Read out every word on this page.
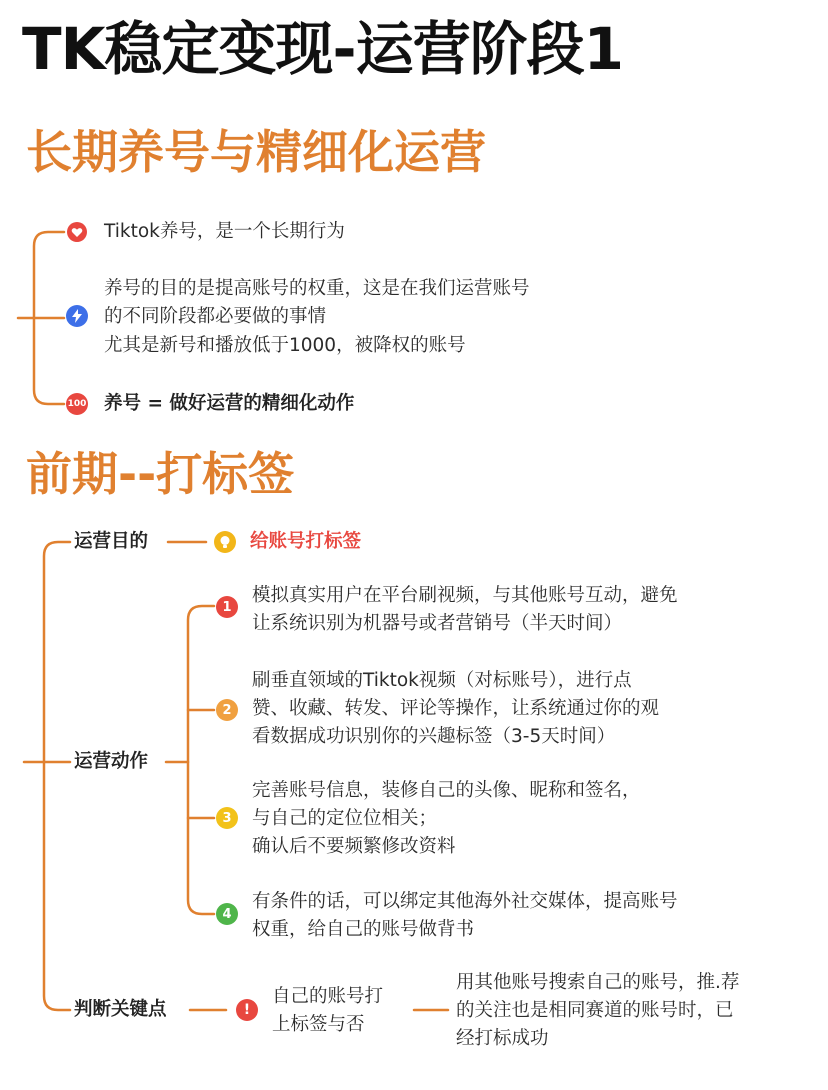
TK稳定变现-运营阶段1
长期养号与精细化运营
Tiktok养号，是一个长期行为
养号的目的是提高账号的权重，这是在我们运营账号
的不同阶段都必要做的事情
尤其是新号和播放低于1000，被降权的账号
100 养号 = 做好运营的精细化动作
前期--打标签
运营目的	给账号打标签
运营动作
1
模拟真实用户在平台刷视频，与其他账号互动，避免
让系统识别为机器号或者营销号（半天时间）
2
刷垂直领域的Tiktok视频（对标账号），进行点
赞、收藏、转发、评论等操作，让系统通过你的观
看数据成功识别你的兴趣标签（3-5天时间）
3
完善账号信息，装修自己的头像、昵称和签名，
与自己的定位位相关；
确认后不要频繁修改资料
4
有条件的话，可以绑定其他海外社交媒体，提高账号
权重，给自己的账号做背书
判断关键点	!
自己的账号打
上标签与否
用其他账号搜索自己的账号，推.荐
的关注也是相同赛道的账号时，已
经打标成功
